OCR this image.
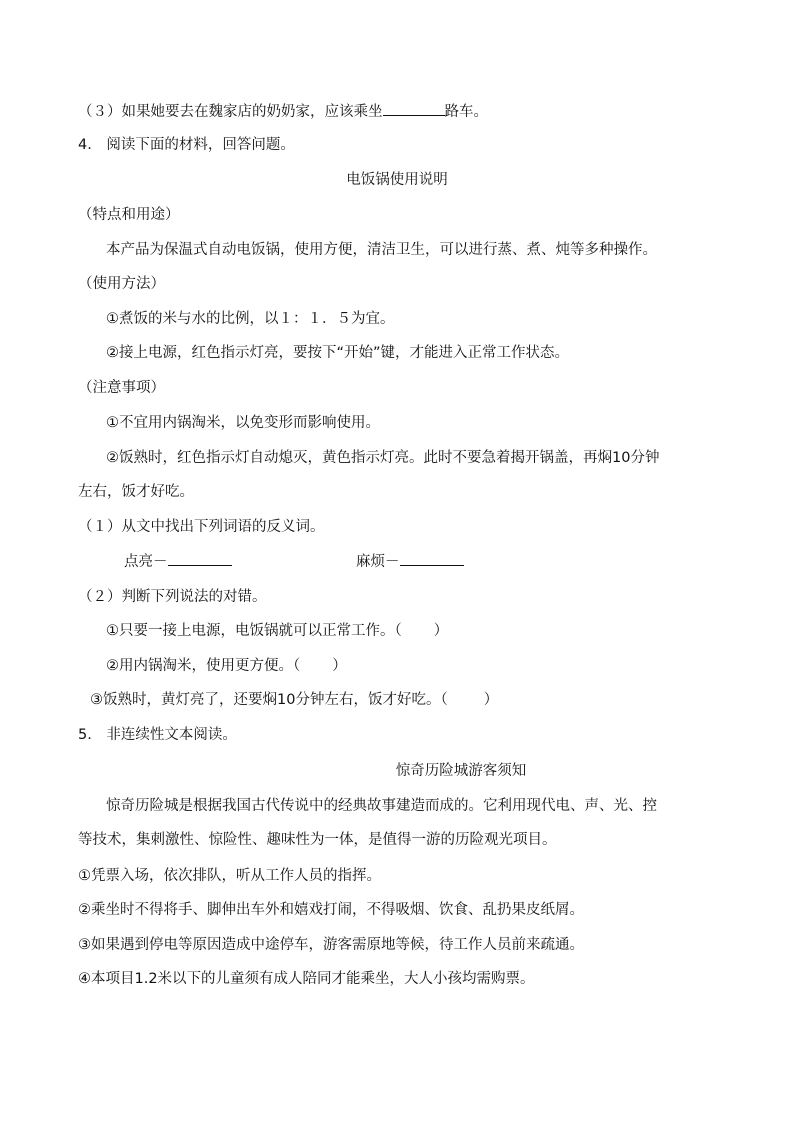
（３）如果她要去在魏家店的奶奶家，应该乘坐	路车。
4.　阅读下面的材料，回答问题。
电饭锅使用说明
（特点和用途）
本产品为保温式自动电饭锅，使用方便，清洁卫生，可以进行蒸、煮、炖等多种操作。
（使用方法）
①煮饭的米与水的比例，以１：１．５为宜。
②接上电源，红色指示灯亮，要按下“开始”键，才能进入正常工作状态。
（注意事项）
①不宜用内锅淘米，以免变形而影响使用。
②饭熟时，红色指示灯自动熄灭，黄色指示灯亮。此时不要急着揭开锅盖，再焖10分钟
左右，饭才好吃。
（１）从文中找出下列词语的反义词。
点亮－	麻烦－
（２）判断下列说法的对错。
①只要一接上电源，电饭锅就可以正常工作。（ ）
②用内锅淘米，使用更方便。（ ）
③饭熟时，黄灯亮了，还要焖10分钟左右，饭才好吃。（ ）
5.　非连续性文本阅读。
惊奇历险城游客须知
惊奇历险城是根据我国古代传说中的经典故事建造而成的。它利用现代电、声、光、控
等技术，集刺激性、惊险性、趣味性为一体，是值得一游的历险观光项目。
①凭票入场，依次排队，听从工作人员的指挥。
②乘坐时不得将手、脚伸出车外和嬉戏打闹，不得吸烟、饮食、乱扔果皮纸屑。
③如果遇到停电等原因造成中途停车，游客需原地等候，待工作人员前来疏通。
④本项目1.2米以下的儿童须有成人陪同才能乘坐，大人小孩均需购票。
